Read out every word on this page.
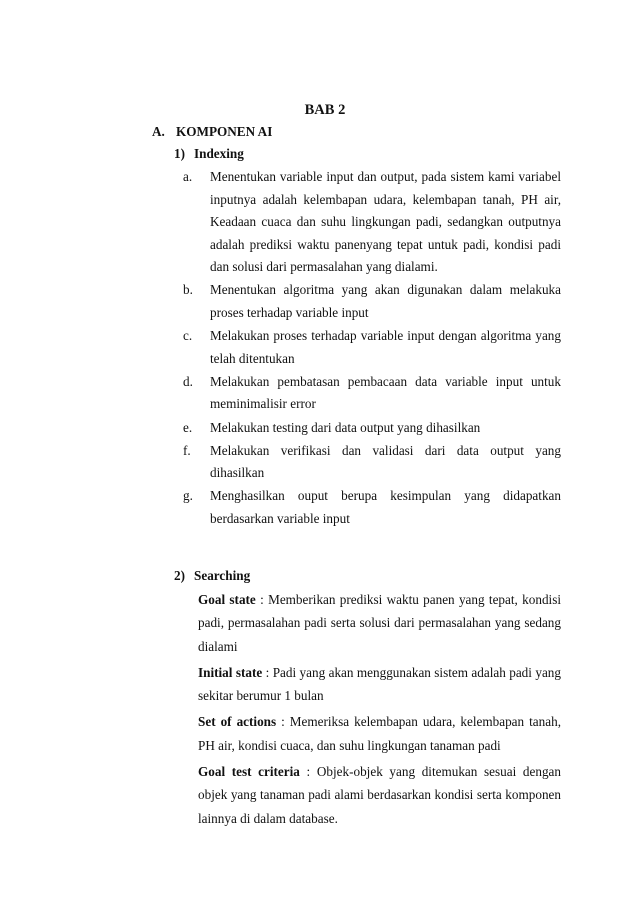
BAB 2
A. KOMPONEN AI
1) Indexing
a.	Menentukan variable input dan output, pada sistem kami variabel inputnya adalah kelembapan udara, kelembapan tanah, PH air, Keadaan cuaca dan suhu lingkungan padi, sedangkan outputnya adalah prediksi waktu panenyang tepat untuk padi, kondisi padi dan solusi dari permasalahan yang dialami.
b.	Menentukan algoritma yang akan digunakan dalam melakuka proses terhadap variable input
c.	Melakukan proses terhadap variable input dengan algoritma yang telah ditentukan
d.	Melakukan pembatasan pembacaan data variable input untuk meminimalisir error
e.	Melakukan testing dari data output yang dihasilkan
f.	Melakukan verifikasi dan validasi dari data output yang dihasilkan
g.	Menghasilkan ouput berupa kesimpulan yang didapatkan berdasarkan variable input
2) Searching

Goal state : Memberikan prediksi waktu panen yang tepat, kondisi padi, permasalahan padi serta solusi dari permasalahan yang sedang dialami

Initial state : Padi yang akan menggunakan sistem adalah padi yang sekitar berumur 1 bulan

Set of actions : Memeriksa kelembapan udara, kelembapan tanah, PH air, kondisi cuaca, dan suhu lingkungan tanaman padi

Goal test criteria : Objek-objek yang ditemukan sesuai dengan objek yang tanaman padi alami berdasarkan kondisi serta komponen lainnya di dalam database.
